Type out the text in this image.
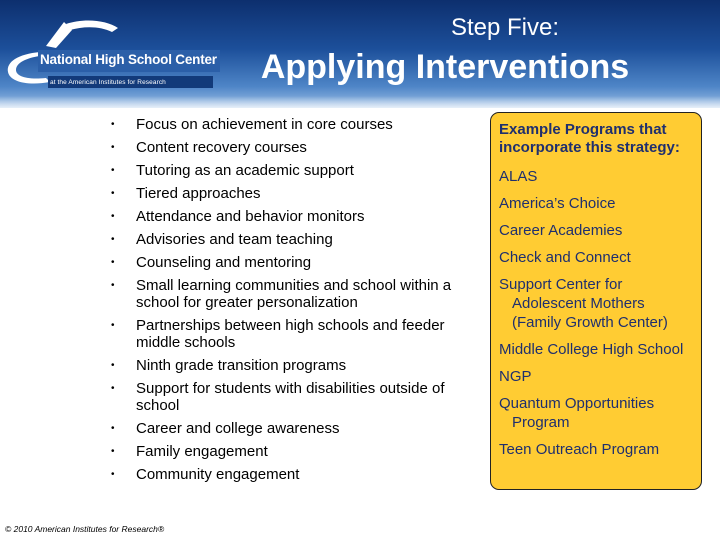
National High School Center
at the American Institutes for Research
Step Five:
Applying Interventions
• Focus on achievement in core courses
• Content recovery courses
• Tutoring as an academic support
• Tiered approaches
• Attendance and behavior monitors
• Advisories and team teaching
• Counseling and mentoring
• Small learning communities and school within a school for greater personalization
• Partnerships between high schools and feeder middle schools
• Ninth grade transition programs
• Support for students with disabilities outside of school
• Career and college awareness
• Family engagement
• Community engagement
Example Programs that incorporate this strategy:
ALAS
America’s Choice
Career Academies
Check and Connect
Support Center for Adolescent Mothers (Family Growth Center)
Middle College High School
NGP
Quantum Opportunities Program
Teen Outreach Program
© 2010 American Institutes for Research®
